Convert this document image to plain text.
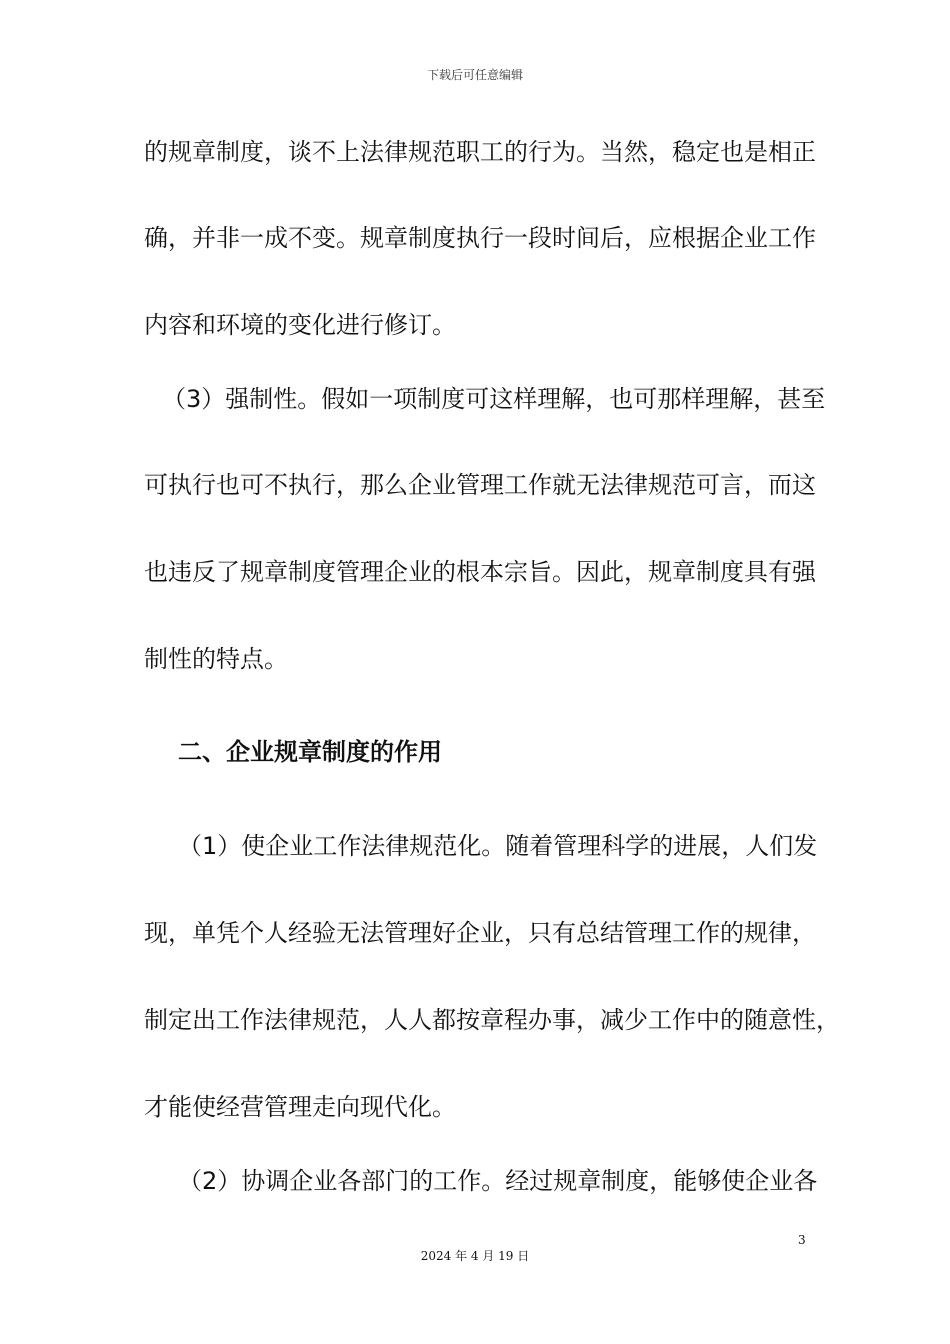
下载后可任意编辑
的规章制度，谈不上法律规范职工的行为。当然，稳定也是相正
确，并非一成不变。规章制度执行一段时间后，应根据企业工作
内容和环境的变化进行修订。
（3）强制性。假如一项制度可这样理解，也可那样理解，甚至
可执行也可不执行，那么企业管理工作就无法律规范可言，而这
也违反了规章制度管理企业的根本宗旨。因此，规章制度具有强
制性的特点。
二、企业规章制度的作用
（1）使企业工作法律规范化。随着管理科学的进展，人们发
现，单凭个人经验无法管理好企业，只有总结管理工作的规律，
制定出工作法律规范，人人都按章程办事，减少工作中的随意性，
才能使经营管理走向现代化。
（2）协调企业各部门的工作。经过规章制度，能够使企业各
3
2024 年 4 月 19 日
